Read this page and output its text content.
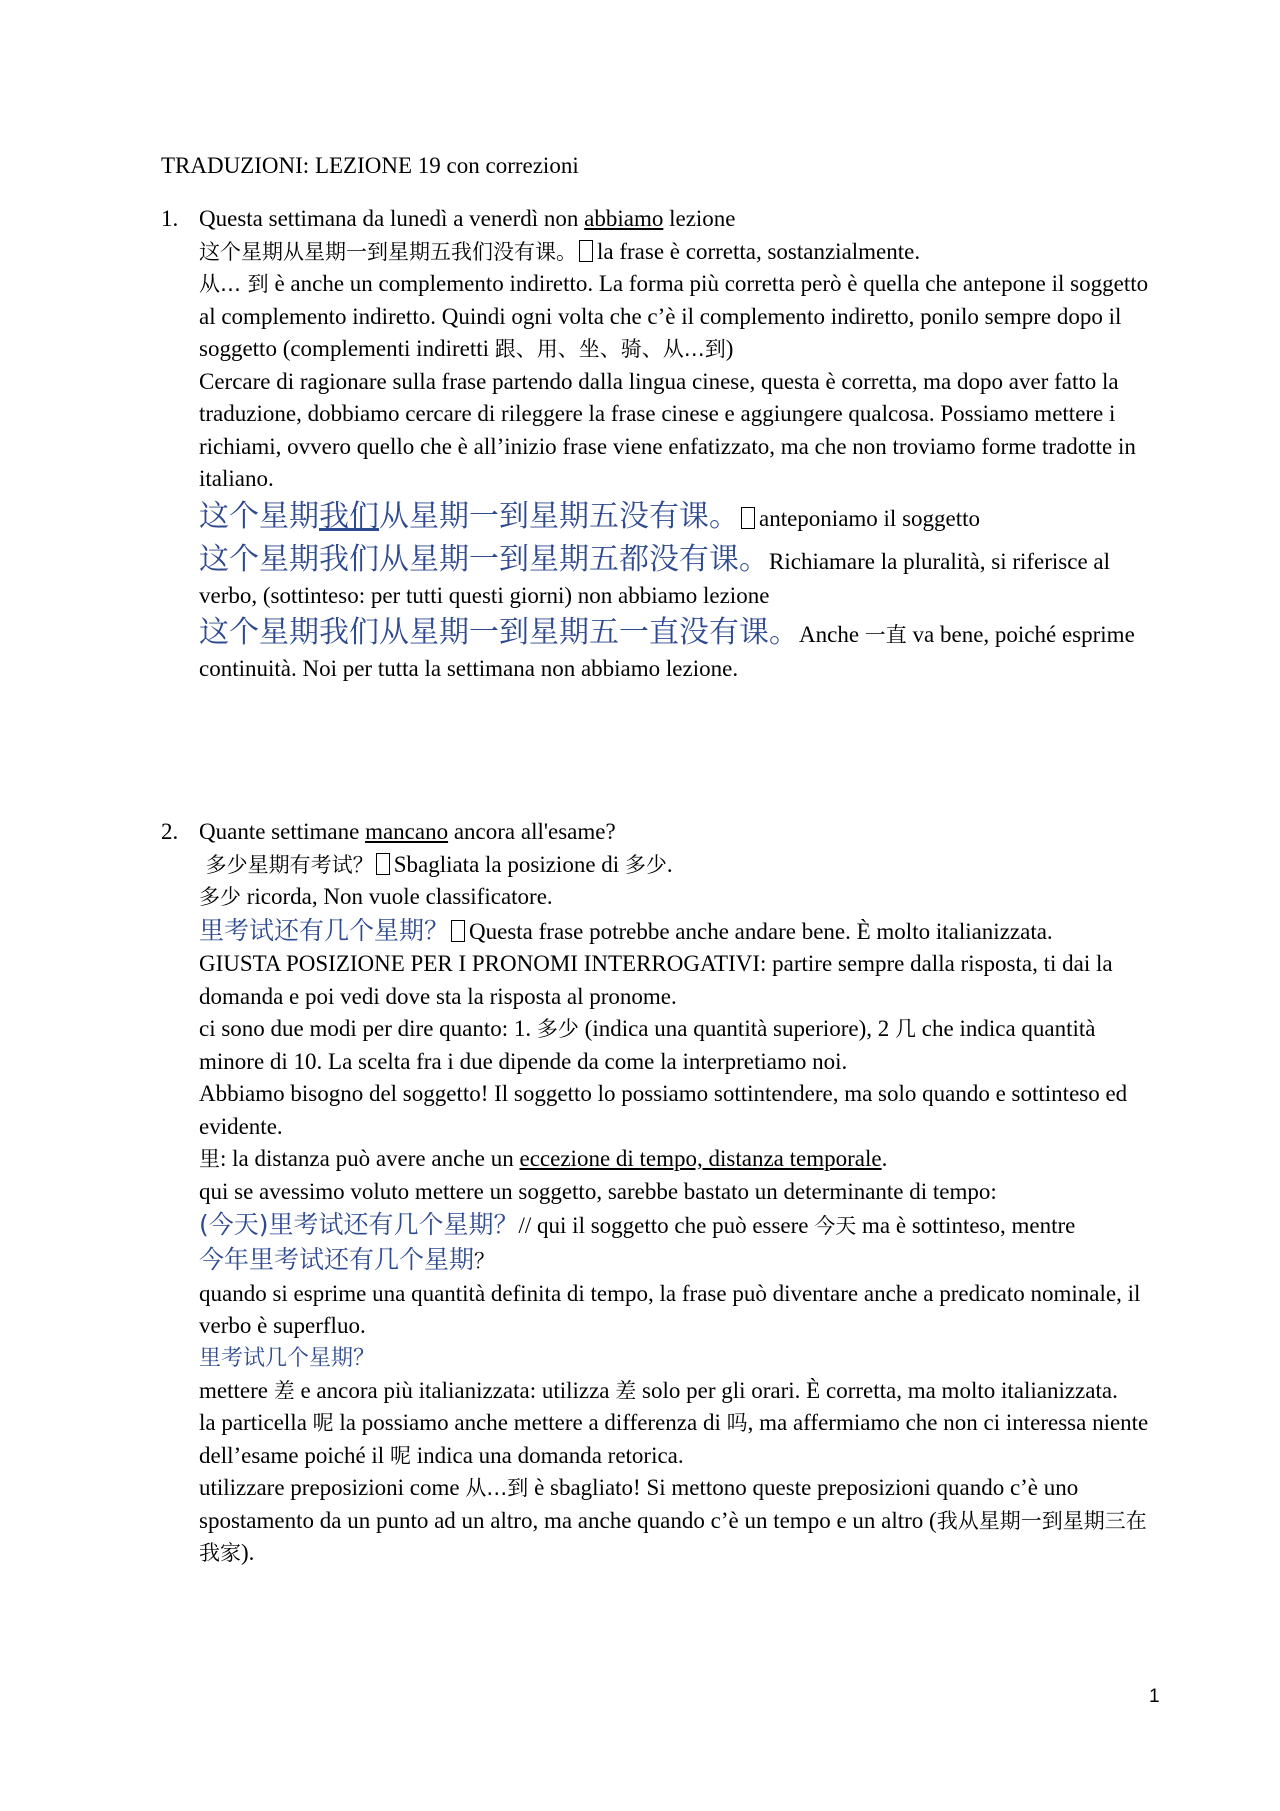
TRADUZIONI: LEZIONE 19 con correzioni
1. Questa settimana da lunedì a venerdì non abbiamo lezione
这个星期从星期一到星期五我们没有课。 la frase è corretta, sostanzialmente.
从… 到 è anche un complemento indiretto. La forma più corretta però è quella che antepone il soggetto al complemento indiretto. Quindi ogni volta che c’è il complemento indiretto, ponilo sempre dopo il soggetto (complementi indiretti 跟、用、坐、骑、从…到)
Cercare di ragionare sulla frase partendo dalla lingua cinese, questa è corretta, ma dopo aver fatto la traduzione, dobbiamo cercare di rileggere la frase cinese e aggiungere qualcosa. Possiamo mettere i richiami, ovvero quello che è all’inizio frase viene enfatizzato, ma che non troviamo forme tradotte in italiano.
这个星期我们从星期一到星期五没有课。 anteponiamo il soggetto
这个星期我们从星期一到星期五都没有课。Richiamare la pluralità, si riferisce al verbo, (sottinteso: per tutti questi giorni) non abbiamo lezione
这个星期我们从星期一到星期五一直没有课。Anche 一直 va bene, poiché esprime continuità. Noi per tutta la settimana non abbiamo lezione.
2. Quante settimane mancano ancora all'esame?
多少星期有考试？ Sbagliata la posizione di 多少.
多少 ricorda, Non vuole classificatore.
里考试还有几个星期？ Questa frase potrebbe anche andare bene. È molto italianizzata.
GIUSTA POSIZIONE PER I PRONOMI INTERROGATIVI: partire sempre dalla risposta, ti dai la domanda e poi vedi dove sta la risposta al pronome.
ci sono due modi per dire quanto: 1. 多少 (indica una quantità superiore), 2 几 che indica quantità minore di 10. La scelta fra i due dipende da come la interpretiamo noi.
Abbiamo bisogno del soggetto! Il soggetto lo possiamo sottintendere, ma solo quando e sottinteso ed evidente.
里: la distanza può avere anche un eccezione di tempo, distanza temporale.
qui se avessimo voluto mettere un soggetto, sarebbe bastato un determinante di tempo:
(今天)里考试还有几个星期？// qui il soggetto che può essere 今天 ma è sottinteso, mentre
今年里考试还有几个星期？
quando si esprime una quantità definita di tempo, la frase può diventare anche a predicato nominale, il verbo è superfluo.
里考试几个星期？
mettere 差 e ancora più italianizzata: utilizza 差 solo per gli orari. È corretta, ma molto italianizzata.
la particella 呢 la possiamo anche mettere a differenza di 吗, ma affermiamo che non ci interessa niente dell’esame poiché il 呢 indica una domanda retorica.
utilizzare preposizioni come 从…到 è sbagliato! Si mettono queste preposizioni quando c’è uno spostamento da un punto ad un altro, ma anche quando c’è un tempo e un altro (我从星期一到星期三在我家).
1
